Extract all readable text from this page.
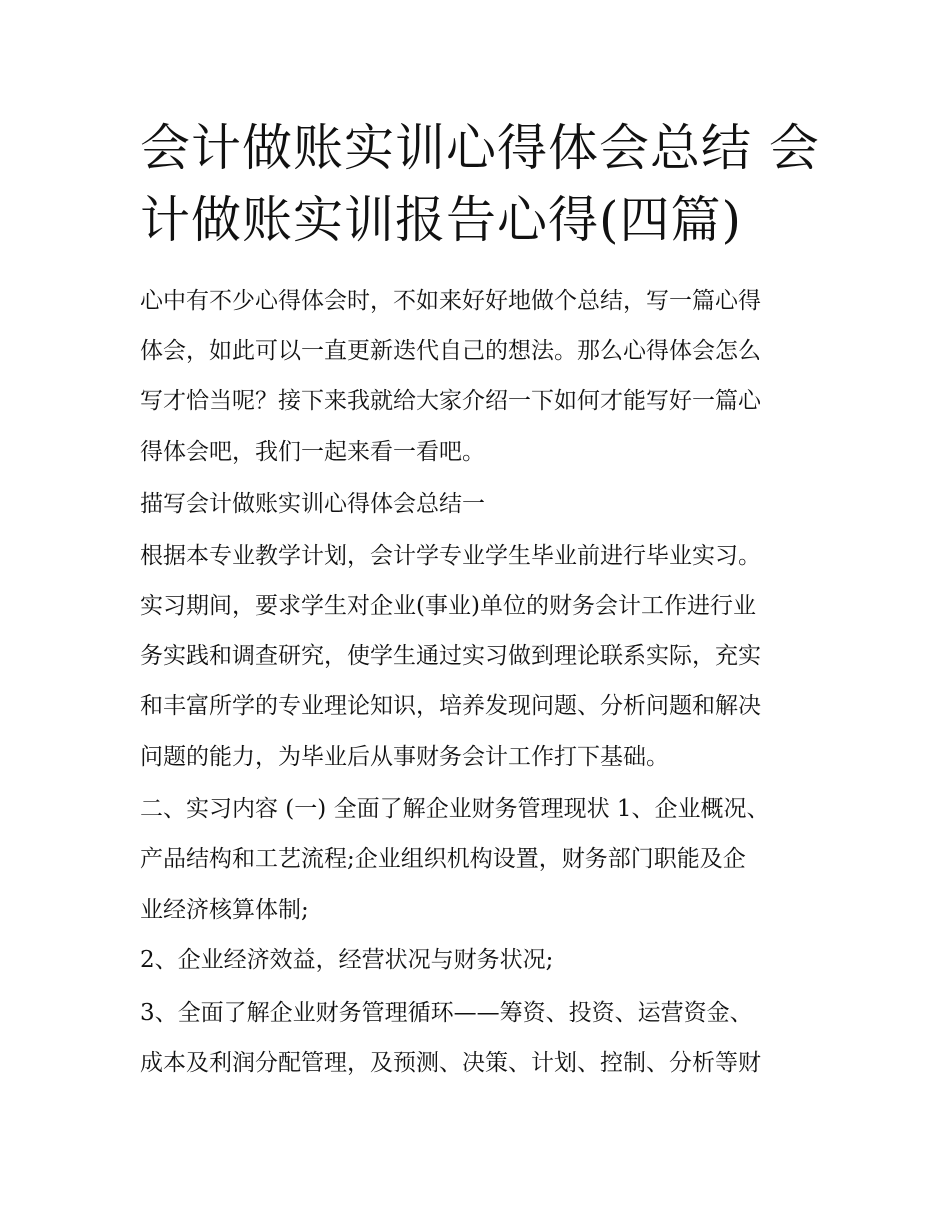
会计做账实训心得体会总结 会
计做账实训报告心得(四篇)

心中有不少心得体会时，不如来好好地做个总结，写一篇心得

体会，如此可以一直更新迭代自己的想法。那么心得体会怎么

写才恰当呢？接下来我就给大家介绍一下如何才能写好一篇心

得体会吧，我们一起来看一看吧。

描写会计做账实训心得体会总结一

根据本专业教学计划，会计学专业学生毕业前进行毕业实习。

实习期间，要求学生对企业(事业)单位的财务会计工作进行业

务实践和调查研究，使学生通过实习做到理论联系实际，充实

和丰富所学的专业理论知识，培养发现问题、分析问题和解决

问题的能力，为毕业后从事财务会计工作打下基础。

二、实习内容 (一) 全面了解企业财务管理现状 1、企业概况、

产品结构和工艺流程;企业组织机构设置，财务部门职能及企

业经济核算体制;

2、企业经济效益，经营状况与财务状况;

3、全面了解企业财务管理循环——筹资、投资、运营资金、

成本及利润分配管理，及预测、决策、计划、控制、分析等财
